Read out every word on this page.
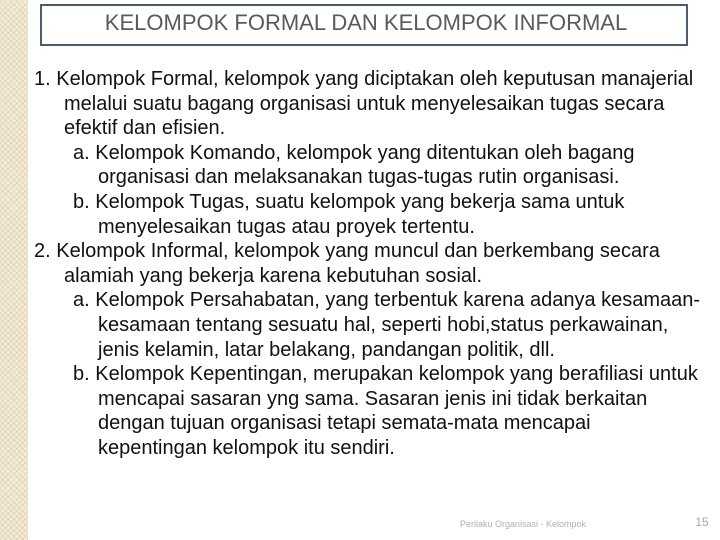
KELOMPOK FORMAL DAN KELOMPOK INFORMAL

1. Kelompok Formal, kelompok yang diciptakan oleh keputusan manajerial melalui suatu bagang organisasi untuk menyelesaikan tugas secara efektif dan efisien.

a. Kelompok Komando, kelompok yang ditentukan oleh bagang organisasi dan melaksanakan tugas-tugas rutin organisasi.

b. Kelompok Tugas, suatu kelompok yang bekerja sama untuk menyelesaikan tugas atau proyek tertentu.

2. Kelompok Informal, kelompok yang muncul dan berkembang secara alamiah yang bekerja karena kebutuhan sosial.

a. Kelompok Persahabatan, yang terbentuk karena adanya kesamaan-kesamaan tentang sesuatu hal, seperti hobi,status perkawainan, jenis kelamin, latar belakang, pandangan politik, dll.

b. Kelompok Kepentingan, merupakan kelompok yang berafiliasi untuk mencapai sasaran yng sama. Sasaran jenis ini tidak berkaitan dengan tujuan organisasi tetapi semata-mata mencapai kepentingan kelompok itu sendiri.

Perilaku Organisasi - Kelompok	15
